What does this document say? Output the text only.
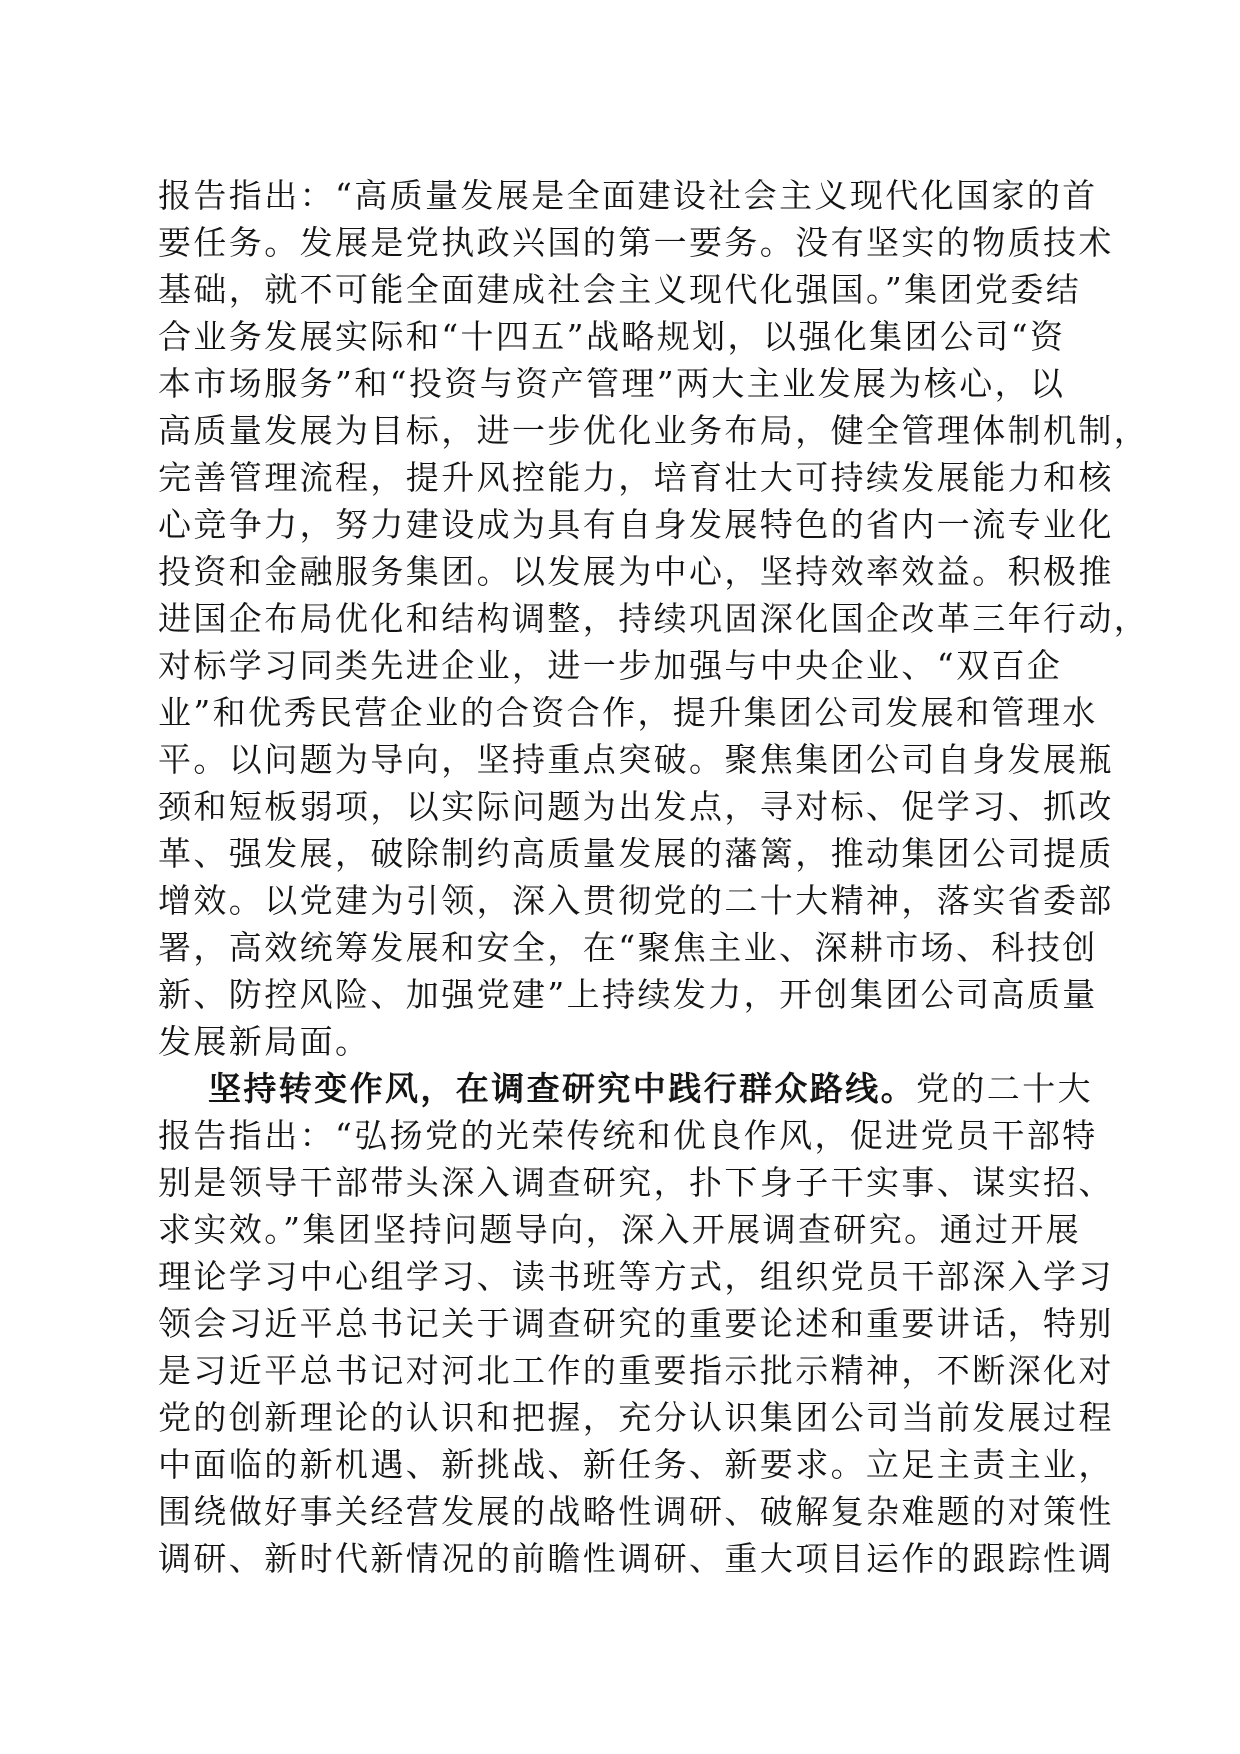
报告指出：“高质量发展是全面建设社会主义现代化国家的首
要任务。发展是党执政兴国的第一要务。没有坚实的物质技术
基础，就不可能全面建成社会主义现代化强国。”集团党委结
合业务发展实际和“十四五”战略规划，以强化集团公司“资
本市场服务”和“投资与资产管理”两大主业发展为核心，以
高质量发展为目标，进一步优化业务布局，健全管理体制机制，
完善管理流程，提升风控能力，培育壮大可持续发展能力和核
心竞争力，努力建设成为具有自身发展特色的省内一流专业化
投资和金融服务集团。以发展为中心，坚持效率效益。积极推
进国企布局优化和结构调整，持续巩固深化国企改革三年行动，
对标学习同类先进企业，进一步加强与中央企业、“双百企
业”和优秀民营企业的合资合作，提升集团公司发展和管理水
平。以问题为导向，坚持重点突破。聚焦集团公司自身发展瓶
颈和短板弱项，以实际问题为出发点，寻对标、促学习、抓改
革、强发展，破除制约高质量发展的藩篱，推动集团公司提质
增效。以党建为引领，深入贯彻党的二十大精神，落实省委部
署，高效统筹发展和安全，在“聚焦主业、深耕市场、科技创
新、防控风险、加强党建”上持续发力，开创集团公司高质量
发展新局面。
坚持转变作风，在调查研究中践行群众路线。党的二十大
报告指出：“弘扬党的光荣传统和优良作风，促进党员干部特
别是领导干部带头深入调查研究，扑下身子干实事、谋实招、
求实效。”集团坚持问题导向，深入开展调查研究。通过开展
理论学习中心组学习、读书班等方式，组织党员干部深入学习
领会习近平总书记关于调查研究的重要论述和重要讲话，特别
是习近平总书记对河北工作的重要指示批示精神，不断深化对
党的创新理论的认识和把握，充分认识集团公司当前发展过程
中面临的新机遇、新挑战、新任务、新要求。立足主责主业，
围绕做好事关经营发展的战略性调研、破解复杂难题的对策性
调研、新时代新情况的前瞻性调研、重大项目运作的跟踪性调
